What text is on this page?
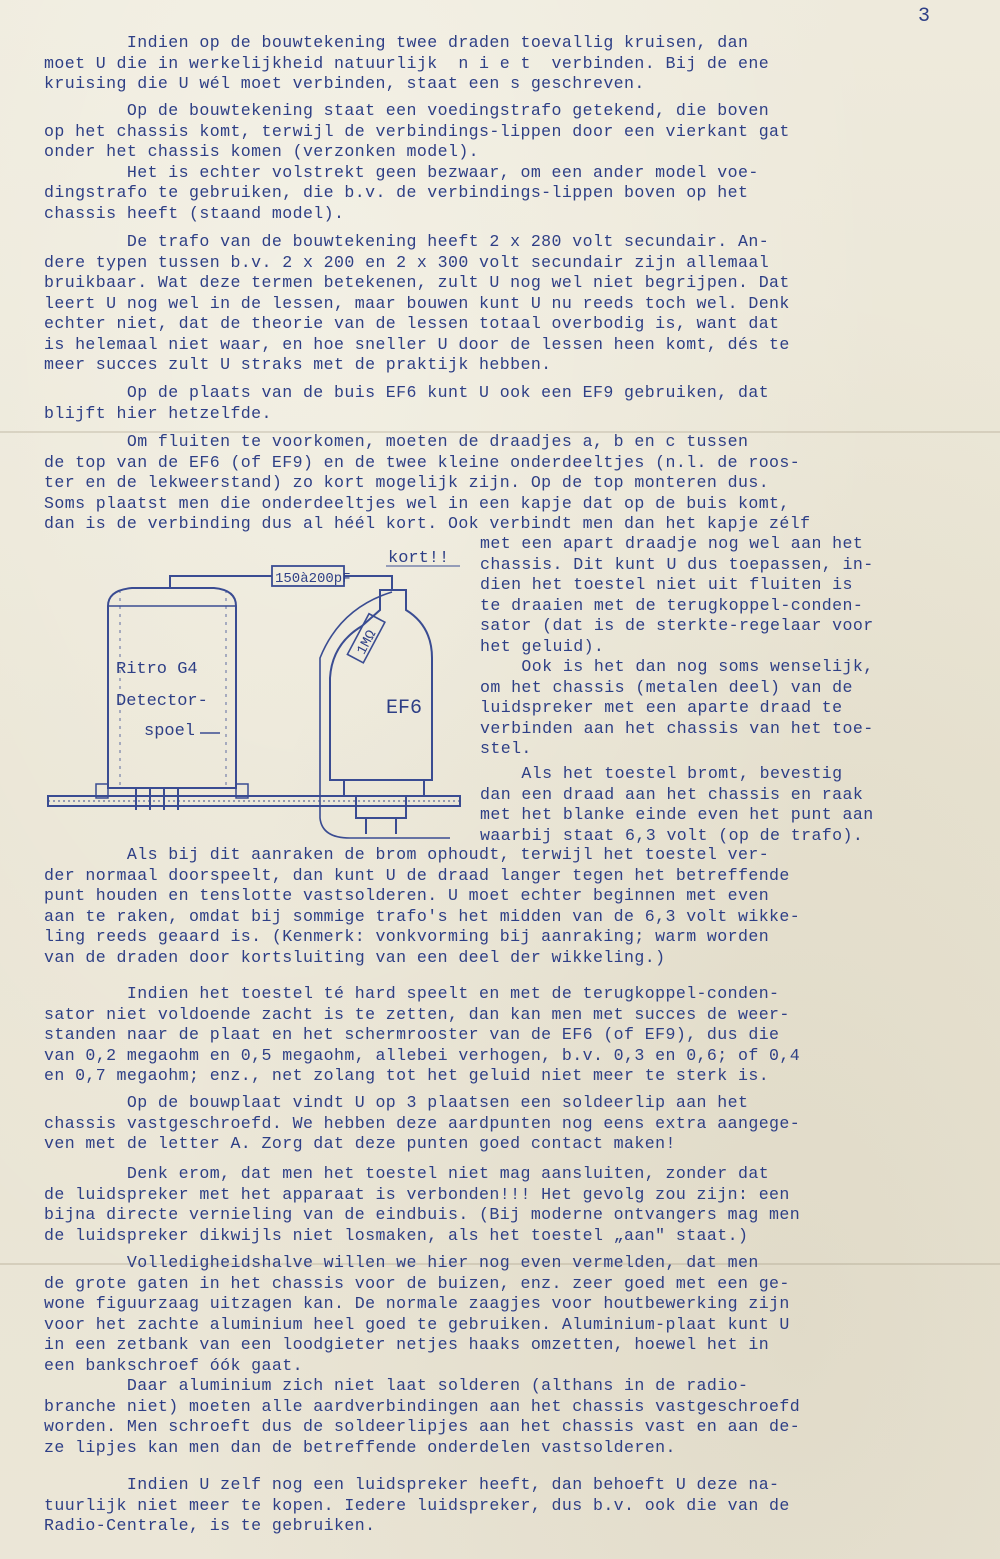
3
Indien op de bouwtekening twee draden toevallig kruisen, dan
moet U die in werkelijkheid natuurlijk  n i e t  verbinden. Bij de ene
kruising die U wél moet verbinden, staat een s geschreven.
Op de bouwtekening staat een voedingstrafo getekend, die boven
op het chassis komt, terwijl de verbindings-lippen door een vierkant gat
onder het chassis komen (verzonken model).
Het is echter volstrekt geen bezwaar, om een ander model voe-
dingstrafo te gebruiken, die b.v. de verbindings-lippen boven op het
chassis heeft (staand model).
De trafo van de bouwtekening heeft 2 x 280 volt secundair. An-
dere typen tussen b.v. 2 x 200 en 2 x 300 volt secundair zijn allemaal
bruikbaar. Wat deze termen betekenen, zult U nog wel niet begrijpen. Dat
leert U nog wel in de lessen, maar bouwen kunt U nu reeds toch wel. Denk
echter niet, dat de theorie van de lessen totaal overbodig is, want dat
is helemaal niet waar, en hoe sneller U door de lessen heen komt, dés te
meer succes zult U straks met de praktijk hebben.
Op de plaats van de buis EF6 kunt U ook een EF9 gebruiken, dat
blijft hier hetzelfde.
Om fluiten te voorkomen, moeten de draadjes a, b en c tussen
de top van de EF6 (of EF9) en de twee kleine onderdeeltjes (n.l. de roos-
ter en de lekweerstand) zo kort mogelijk zijn. Op de top monteren dus.
Soms plaatst men die onderdeeltjes wel in een kapje dat op de buis komt,
dan is de verbinding dus al héél kort. Ook verbindt men dan het kapje zélf
met een apart draadje nog wel aan het
chassis. Dit kunt U dus toepassen, in-
dien het toestel niet uit fluiten is
te draaien met de terugkoppel-conden-
sator (dat is de sterkte-regelaar voor
het geluid).
Ook is het dan nog soms wenselijk,
om het chassis (metalen deel) van de
luidspreker met een aparte draad te
verbinden aan het chassis van het toe-
stel.
Als het toestel bromt, bevestig
dan een draad aan het chassis en raak
met het blanke einde even het punt aan
waarbij staat 6,3 volt (op de trafo).
Als bij dit aanraken de brom ophoudt, terwijl het toestel ver-
der normaal doorspeelt, dan kunt U de draad langer tegen het betreffende
punt houden en tenslotte vastsolderen. U moet echter beginnen met even
aan te raken, omdat bij sommige trafo's het midden van de 6,3 volt wikke-
ling reeds geaard is. (Kenmerk: vonkvorming bij aanraking; warm worden
van de draden door kortsluiting van een deel der wikkeling.)
Indien het toestel té hard speelt en met de terugkoppel-conden-
sator niet voldoende zacht is te zetten, dan kan men met succes de weer-
standen naar de plaat en het schermrooster van de EF6 (of EF9), dus die
van 0,2 megaohm en 0,5 megaohm, allebei verhogen, b.v. 0,3 en 0,6; of 0,4
en 0,7 megaohm; enz., net zolang tot het geluid niet meer te sterk is.
Op de bouwplaat vindt U op 3 plaatsen een soldeerlip aan het
chassis vastgeschroefd. We hebben deze aardpunten nog eens extra aangege-
ven met de letter A. Zorg dat deze punten goed contact maken!
Denk erom, dat men het toestel niet mag aansluiten, zonder dat
de luidspreker met het apparaat is verbonden!!! Het gevolg zou zijn: een
bijna directe vernieling van de eindbuis. (Bij moderne ontvangers mag men
de luidspreker dikwijls niet losmaken, als het toestel „aan" staat.)
Volledigheidshalve willen we hier nog even vermelden, dat men
de grote gaten in het chassis voor de buizen, enz. zeer goed met een ge-
wone figuurzaag uitzagen kan. De normale zaagjes voor houtbewerking zijn
voor het zachte aluminium heel goed te gebruiken. Aluminium-plaat kunt U
in een zetbank van een loodgieter netjes haaks omzetten, hoewel het in
een bankschroef óók gaat.
Daar aluminium zich niet laat solderen (althans in de radio-
branche niet) moeten alle aardverbindingen aan het chassis vastgeschroefd
worden. Men schroeft dus de soldeerlipjes aan het chassis vast en aan de-
ze lipjes kan men dan de betreffende onderdelen vastsolderen.
Indien U zelf nog een luidspreker heeft, dan behoeft U deze na-
tuurlijk niet meer te kopen. Iedere luidspreker, dus b.v. ook die van de
Radio-Centrale, is te gebruiken.
Ritro G4
Detector-
spoel
150à200pF
kort!!
EF6
1MΩ
